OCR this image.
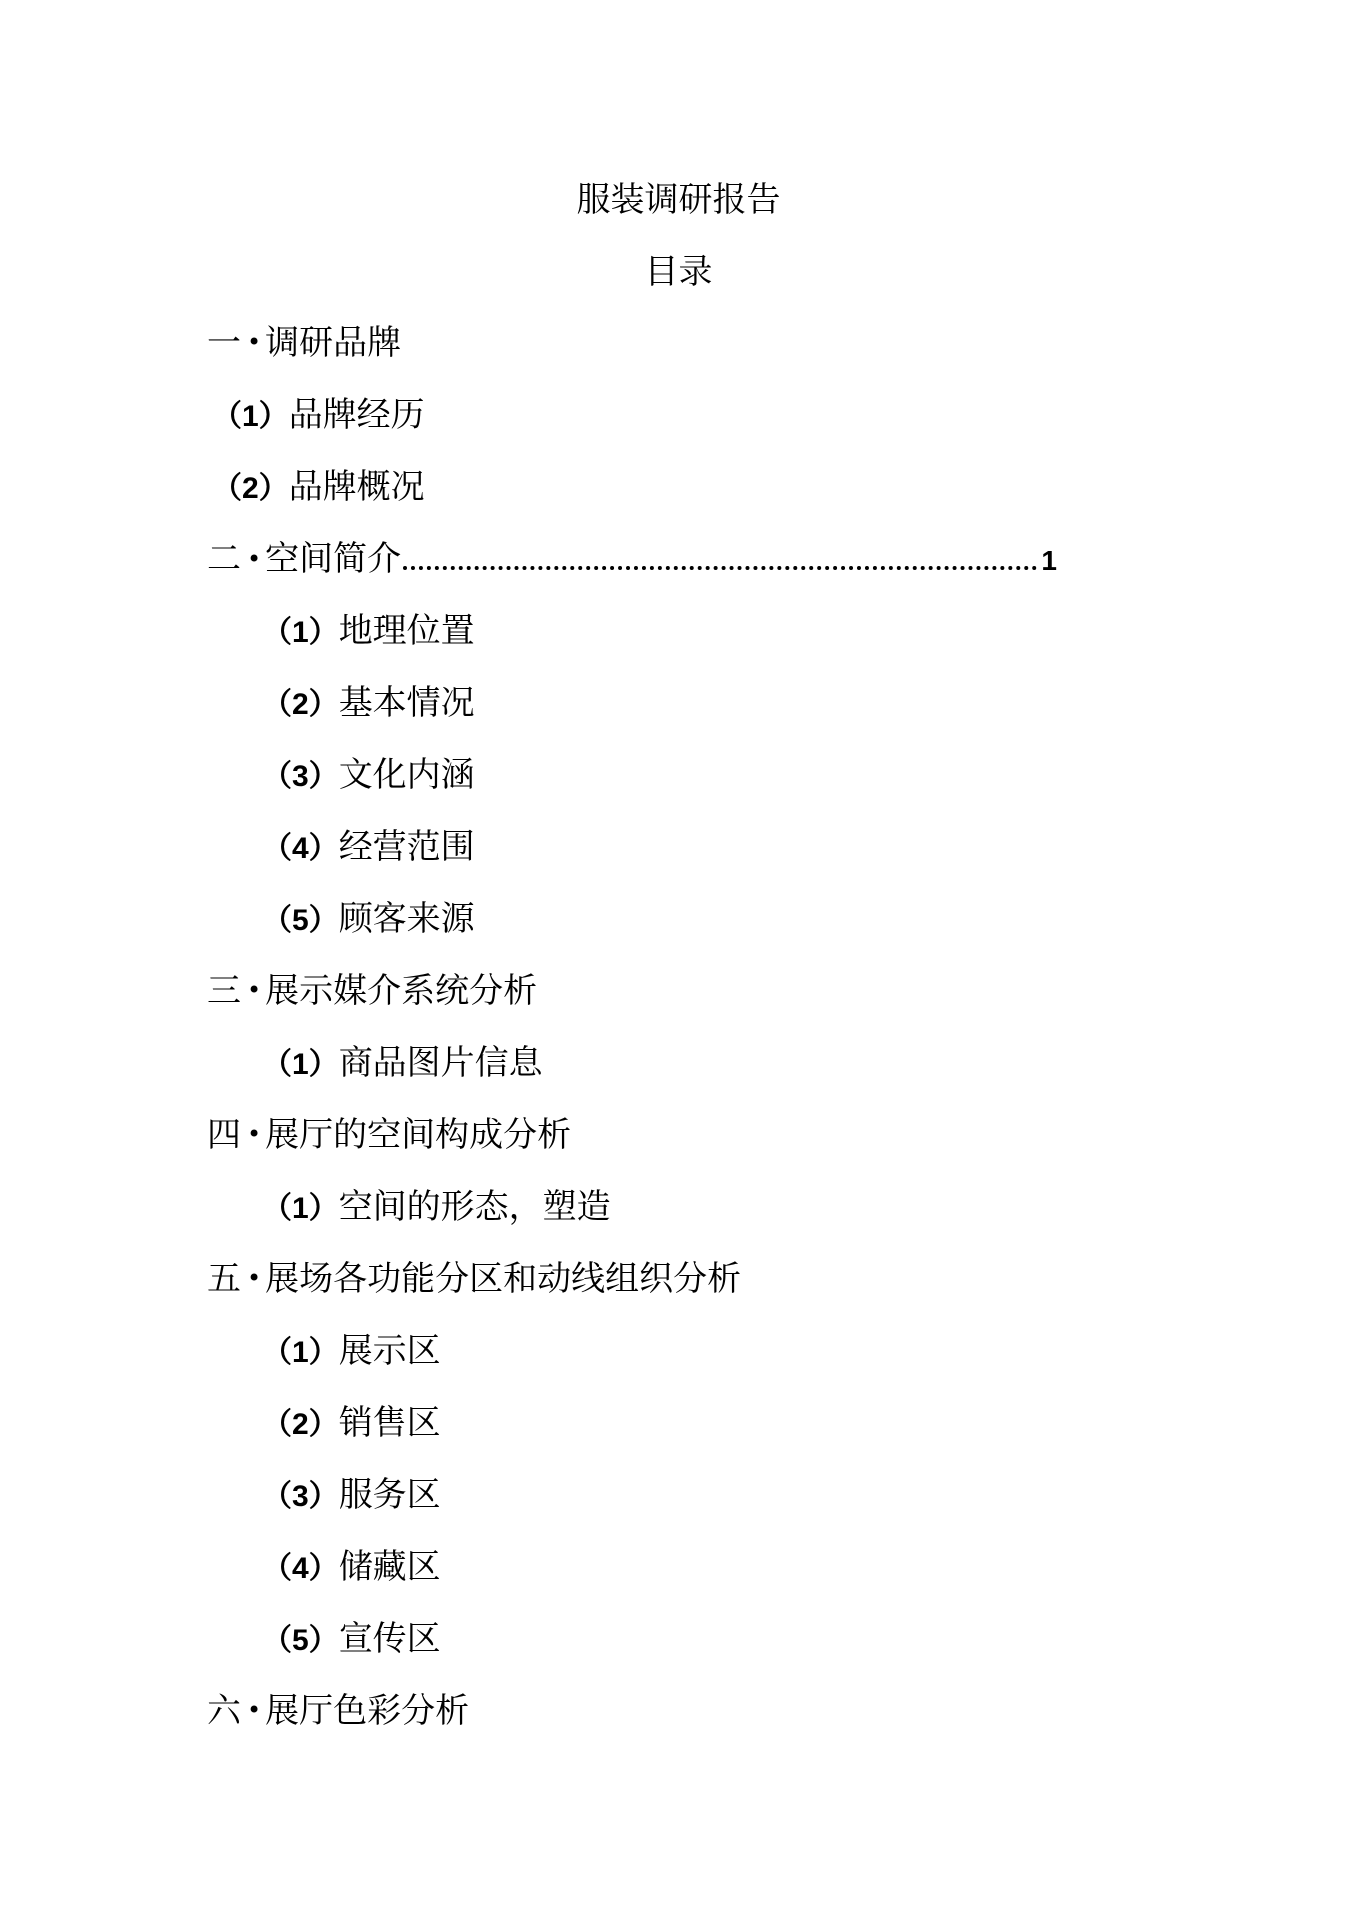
服装调研报告
目录
一 • 调研品牌
（1）品牌经历
（2）品牌概况
二 • 空间简介	1
（1）地理位置
（2）基本情况
（3）文化内涵
（4）经营范围
（5）顾客来源
三 • 展示媒介系统分析
（1）商品图片信息
四 • 展厅的空间构成分析
（1）空间的形态，塑造
五 • 展场各功能分区和动线组织分析
（1）展示区
（2）销售区
（3）服务区
（4）储藏区
（5）宣传区
六 • 展厅色彩分析
